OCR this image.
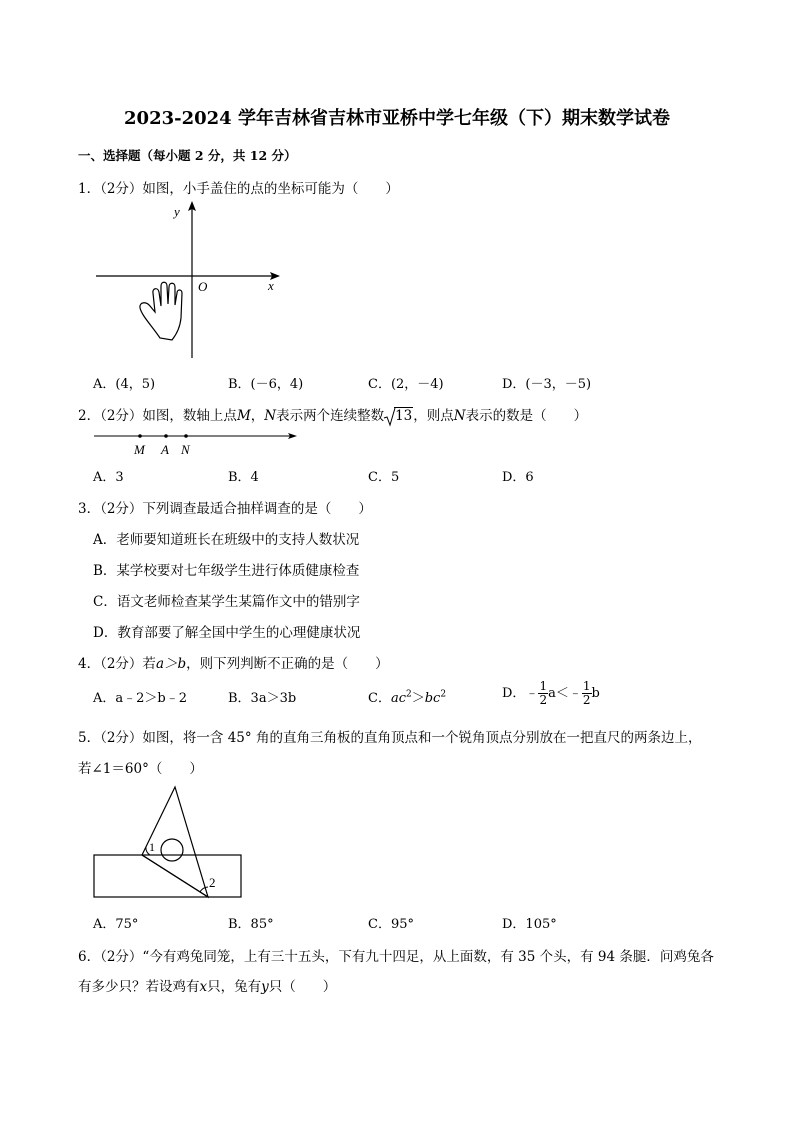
2023-2024 学年吉林省吉林市亚桥中学七年级（下）期末数学试卷
一、选择题（每小题 2 分，共 12 分）
1．（2分）如图，小手盖住的点的坐标可能为（　　）
y
x
O
A．(4，5)	B．(－6，4)	C．(2，－4)	D．(－3，－5)
2．（2分）如图，数轴上点M，N表示两个连续整数 13，则点N表示的数是（　　）
M A N
A．3	B．4	C．5	D．6
3．（2分）下列调查最适合抽样调查的是（　　）
A．老师要知道班长在班级中的支持人数状况
B．某学校要对七年级学生进行体质健康检查
C．语文老师检查某学生某篇作文中的错别字
D．教育部要了解全国中学生的心理健康状况
4．（2分）若a＞b，则下列判断不正确的是（　　）
A．a﹣2＞b﹣2	B．3a＞3b	C．$ac^2>bc^2$	D．﹣ $\frac{1}{2}$ a＜﹣ $\frac{1}{2}$ b
5．（2分）如图，将一含 45° 角的直角三角板的直角顶点和一个锐角顶点分别放在一把直尺的两条边上，
若∠1＝60°（　　）
1
2
A．75°	B．85°	C．95°	D．105°
6．（2分）“今有鸡兔同笼，上有三十五头，下有九十四足，从上面数，有 35 个头，有 94 条腿．问鸡兔各
有多少只？若设鸡有x只，兔有y只（　　）
